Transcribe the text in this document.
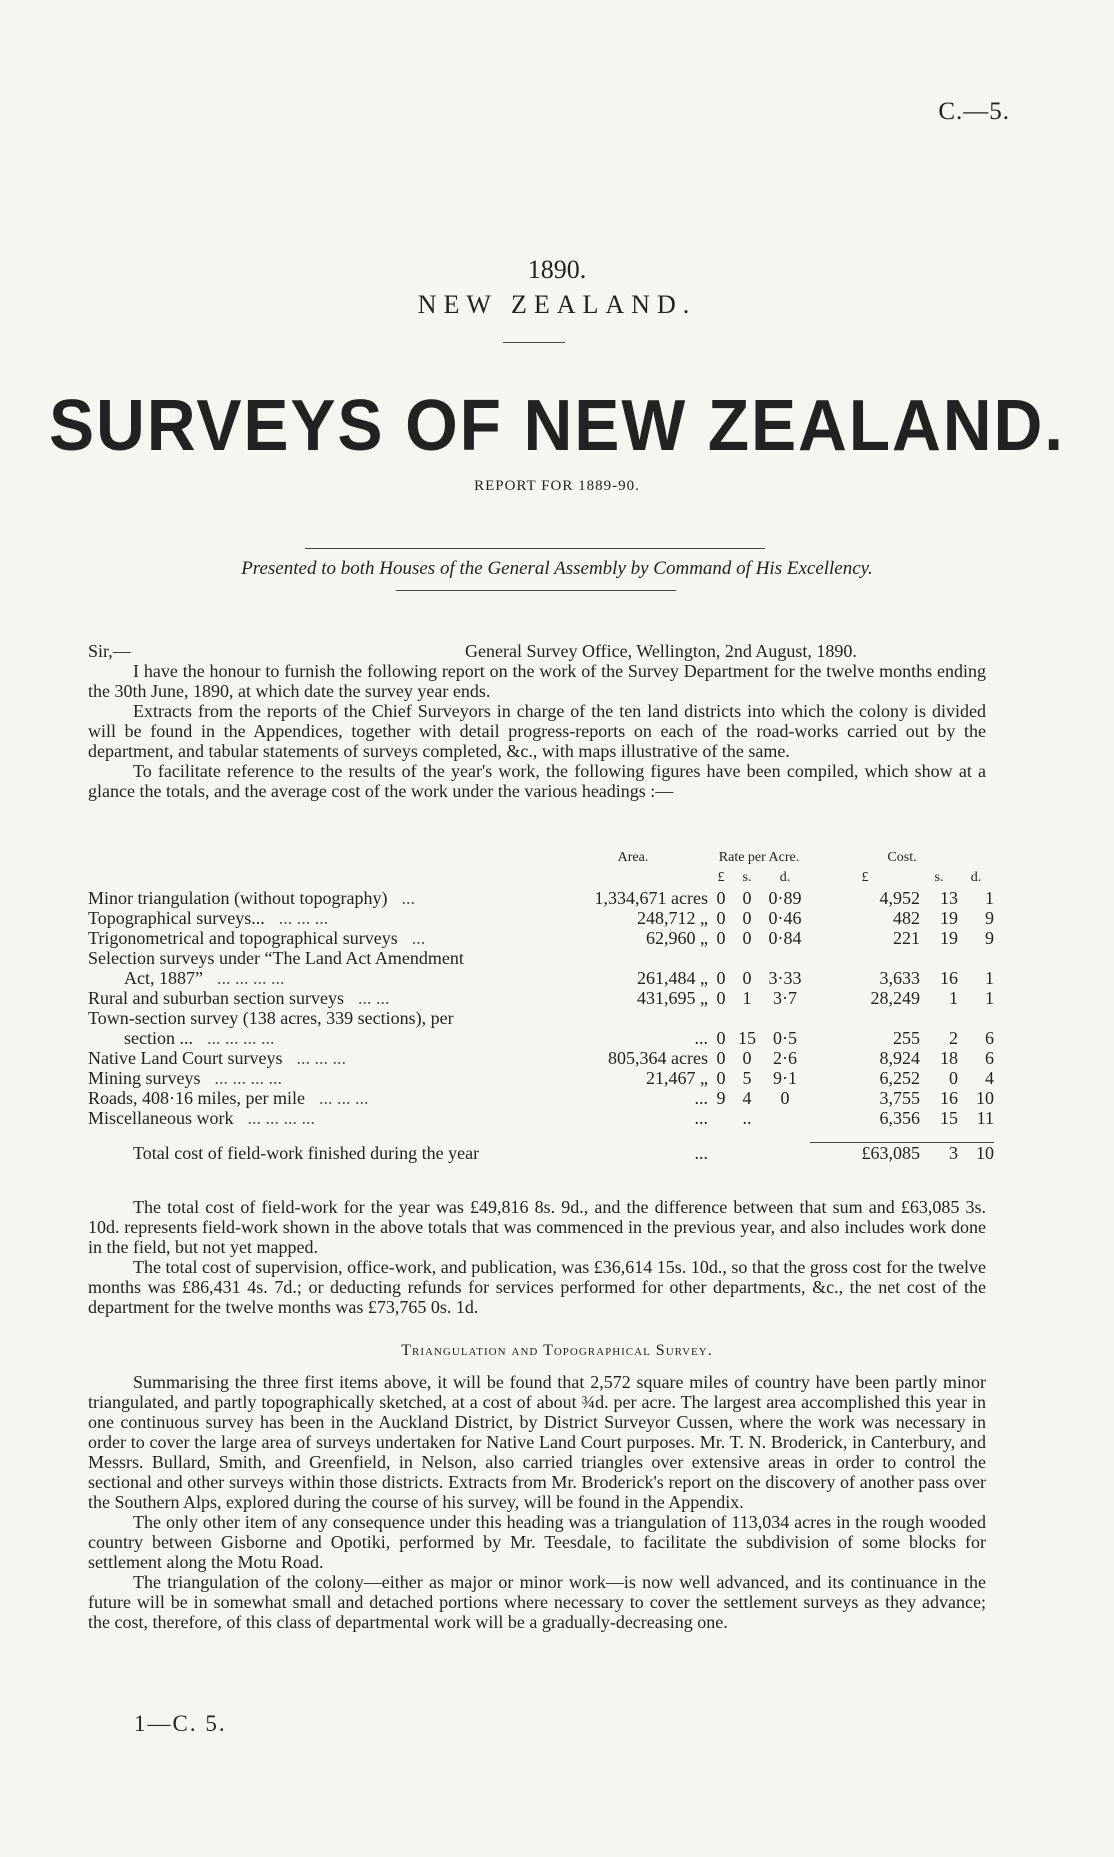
C.—5.
1890.
NEW ZEALAND.
SURVEYS OF NEW ZEALAND.
REPORT FOR 1889-90.
Presented to both Houses of the General Assembly by Command of His Excellency.
Sir,—	General Survey Office, Wellington, 2nd August, 1890.

I have the honour to furnish the following report on the work of the Survey Department for the twelve months ending the 30th June, 1890, at which date the survey year ends.

Extracts from the reports of the Chief Surveyors in charge of the ten land districts into which the colony is divided will be found in the Appendices, together with detail progress-reports on each of the road-works carried out by the department, and tabular statements of surveys completed, &c., with maps illustrative of the same.

To facilitate reference to the results of the year's work, the following figures have been compiled, which show at a glance the totals, and the average cost of the work under the various headings :—

	Area.	Rate per Acre.			Cost.		
		£	s.	d.	£	s.	d.
Minor triangulation (without topography) ...	1,334,671 acres	0	0	0·89	4,952	13	1
Topographical surveys... ... ... ...	248,712 „	0	0	0·46	482	19	9
Trigonometrical and topographical surveys ...	62,960 „	0	0	0·84	221	19	9
Selection surveys under “The Land Act Amendment							
Act, 1887” ... ... ... ...	261,484 „	0	0	3·33	3,633	16	1
Rural and suburban section surveys ... ...	431,695 „	0	1	3·7	28,249	1	1
Town-section survey (138 acres, 339 sections), per							
section ... ... ... ... ...	...	0	15	0·5	255	2	6
Native Land Court surveys ... ... ...	805,364 acres	0	0	2·6	8,924	18	6
Mining surveys ... ... ... ...	21,467 „	0	5	9·1	6,252	0	4
Roads, 408·16 miles, per mile ... ... ...	...	9	4	0	3,755	16	10
Miscellaneous work ... ... ... ...	...		..		6,356	15	11

Total cost of field-work finished during the year	...				£63,085	3	10

The total cost of field-work for the year was £49,816 8s. 9d., and the difference between that sum and £63,085 3s. 10d. represents field-work shown in the above totals that was commenced in the previous year, and also includes work done in the field, but not yet mapped.

The total cost of supervision, office-work, and publication, was £36,614 15s. 10d., so that the gross cost for the twelve months was £86,431 4s. 7d.; or deducting refunds for services performed for other departments, &c., the net cost of the department for the twelve months was £73,765 0s. 1d.

Triangulation and Topographical Survey.

Summarising the three first items above, it will be found that 2,572 square miles of country have been partly minor triangulated, and partly topographically sketched, at a cost of about ¾d. per acre. The largest area accomplished this year in one continuous survey has been in the Auckland District, by District Surveyor Cussen, where the work was necessary in order to cover the large area of surveys undertaken for Native Land Court purposes. Mr. T. N. Broderick, in Canterbury, and Messrs. Bullard, Smith, and Greenfield, in Nelson, also carried triangles over extensive areas in order to control the sectional and other surveys within those districts. Extracts from Mr. Broderick's report on the discovery of another pass over the Southern Alps, explored during the course of his survey, will be found in the Appendix.

The only other item of any consequence under this heading was a triangulation of 113,034 acres in the rough wooded country between Gisborne and Opotiki, performed by Mr. Teesdale, to facilitate the subdivision of some blocks for settlement along the Motu Road.

The triangulation of the colony—either as major or minor work—is now well advanced, and its continuance in the future will be in somewhat small and detached portions where necessary to cover the settlement surveys as they advance; the cost, therefore, of this class of departmental work will be a gradually-decreasing one.

1—C. 5.
